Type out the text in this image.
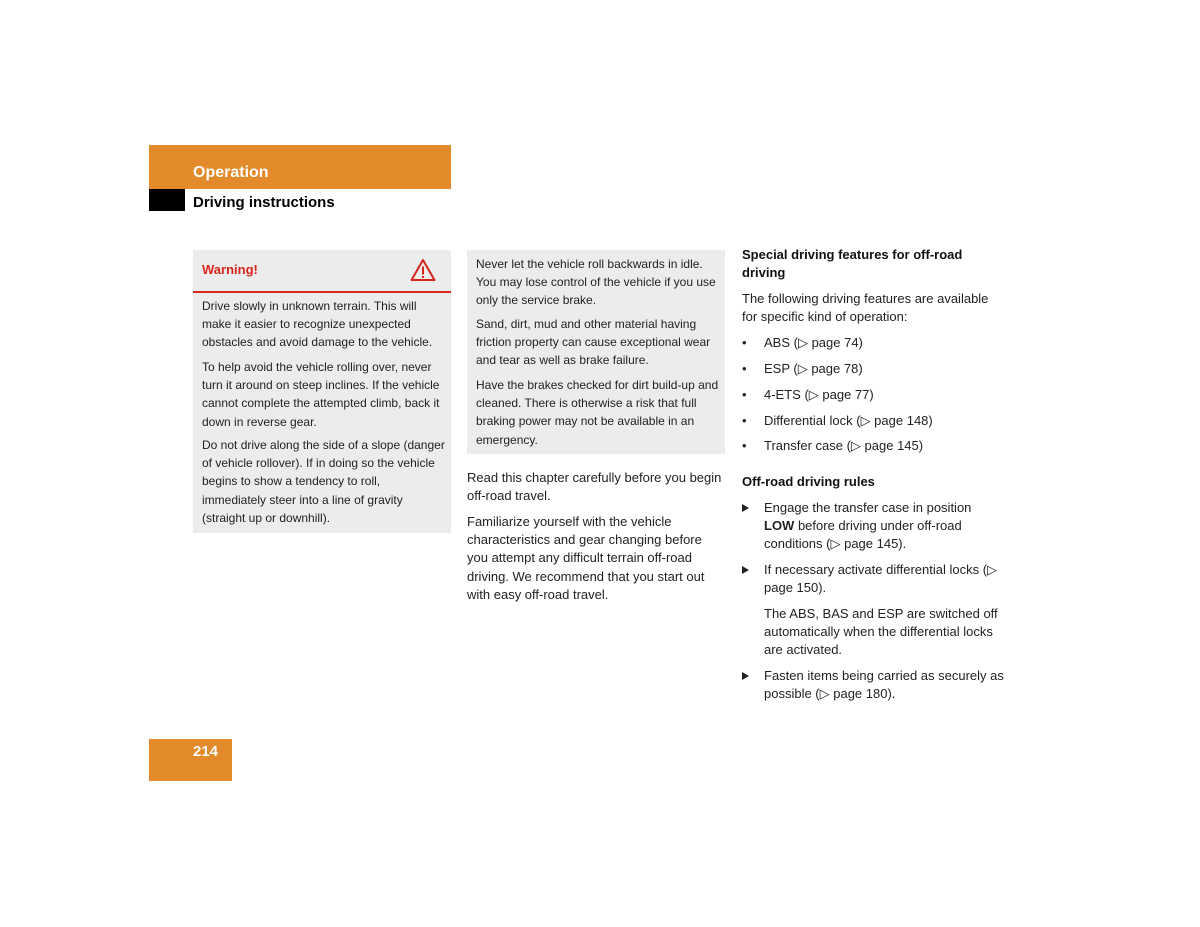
Operation
Driving instructions
Warning!
Drive slowly in unknown terrain. This will make it easier to recognize unexpected obstacles and avoid damage to the vehicle.
To help avoid the vehicle rolling over, never turn it around on steep inclines. If the vehicle cannot complete the attempted climb, back it down in reverse gear.
Do not drive along the side of a slope (danger of vehicle rollover). If in doing so the vehicle begins to show a tendency to roll, immediately steer into a line of gravity (straight up or downhill).
Never let the vehicle roll backwards in idle. You may lose control of the vehicle if you use only the service brake.
Sand, dirt, mud and other material having friction property can cause exceptional wear and tear as well as brake failure.
Have the brakes checked for dirt build-up and cleaned. There is otherwise a risk that full braking power may not be available in an emergency.
Read this chapter carefully before you begin off-road travel.
Familiarize yourself with the vehicle characteristics and gear changing before you attempt any difficult terrain off-road driving. We recommend that you start out with easy off-road travel.
Special driving features for off-road driving
The following driving features are available for specific kind of operation:
• ABS (▷ page 74)
• ESP (▷ page 78)
• 4-ETS (▷ page 77)
• Differential lock (▷ page 148)
• Transfer case (▷ page 145)
Off-road driving rules
Engage the transfer case in position LOW before driving under off-road conditions (▷ page 145).
If necessary activate differential locks (▷ page 150).
The ABS, BAS and ESP are switched off automatically when the differential locks are activated.
Fasten items being carried as securely as possible (▷ page 180).
214
